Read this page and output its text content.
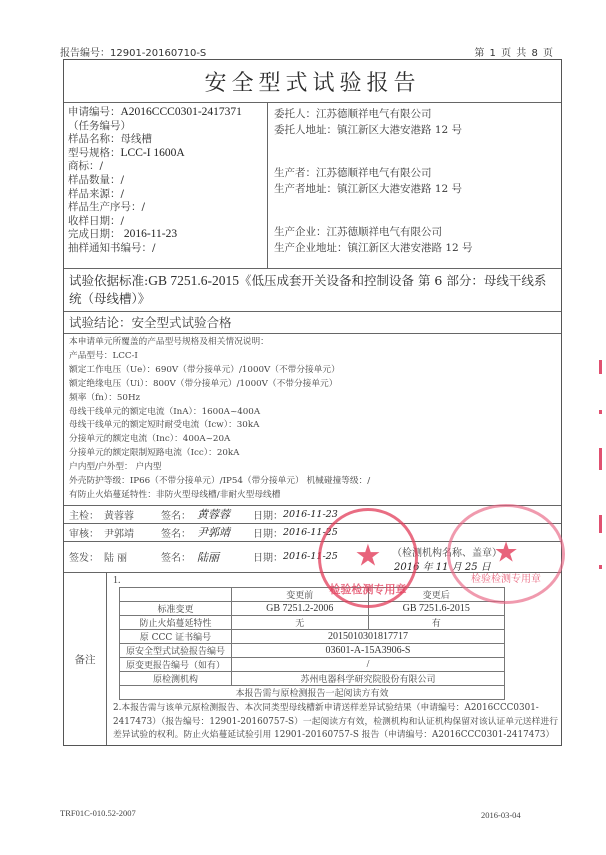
报告编号：12901-20160710-S	第 1 页 共 8 页
安全型式试验报告
申请编号：A2016CCC0301-2417371
（任务编号）
样品名称：母线槽
型号规格：LCC-I 1600A
商标：/
样品数量：/
样品来源：/
样品生产序号：/
收样日期：/
完成日期： 2016-11-23
抽样通知书编号：/
委托人：江苏德顺祥电气有限公司
委托人地址：镇江新区大港安港路 12 号
生产者：江苏德顺祥电气有限公司
生产者地址：镇江新区大港安港路 12 号
生产企业：江苏德顺祥电气有限公司
生产企业地址：镇江新区大港安港路 12 号
试验依据标准:GB 7251.6-2015《低压成套开关设备和控制设备 第 6 部分：母线干线系统（母线槽）》
试验结论：安全型式试验合格
本申请单元所覆盖的产品型号规格及相关情况说明：
产品型号：LCC-I
额定工作电压（Ue）：690V（带分接单元）/1000V（不带分接单元）
额定绝缘电压（Ui）：800V（带分接单元）/1000V（不带分接单元）
频率（fn）：50Hz
母线干线单元的额定电流（InA）：1600A~400A
母线干线单元的额定短时耐受电流（Icw）：30kA
分接单元的额定电流（Inc）：400A~20A
分接单元的额定限制短路电流（Icc）：20kA
户内型/户外型： 户内型
外壳防护等级：IP66（不带分接单元）/IP54（带分接单元） 机械碰撞等级：/
有防止火焰蔓延特性：非防火型母线槽/非耐火型母线槽
主检： 黄蓉蓉	签名： 黄蓉蓉	日期： 2016-11-23
审核： 尹郭靖	签名： 尹郭靖	日期： 2016-11-25
签发： 陆 丽	签名： 陆丽	日期： 2016-11-25	（检测机构名称、盖章）
2016 年 11 月 25 日
备注
1.
	变更前	变更后
标准变更	GB 7251.2-2006	GB 7251.6-2015
防止火焰蔓延特性	无	有
原 CCC 证书编号	2015010301817717	
原安全型式试验报告编号	03601-A-15A3906-S	
原变更报告编号（如有）	/	
原检测机构	苏州电器科学研究院股份有限公司	
本报告需与原检测报告一起阅读方有效		
2.本报告需与该单元原检测报告、本次同类型母线槽新申请送样差异试验结果（申请编号：A2016CCC0301-2417473）（报告编号：12901-20160757-S）一起阅读方有效，检测机构和认证机构保留对该认证单元送样进行差异试验的权利。防止火焰蔓延试验引用 12901-20160757-S 报告（申请编号：A2016CCC0301-2417473）
★
检验检测专用章
★
检验检测专用章
TRF01C-010.52-2007	2016-03-04
